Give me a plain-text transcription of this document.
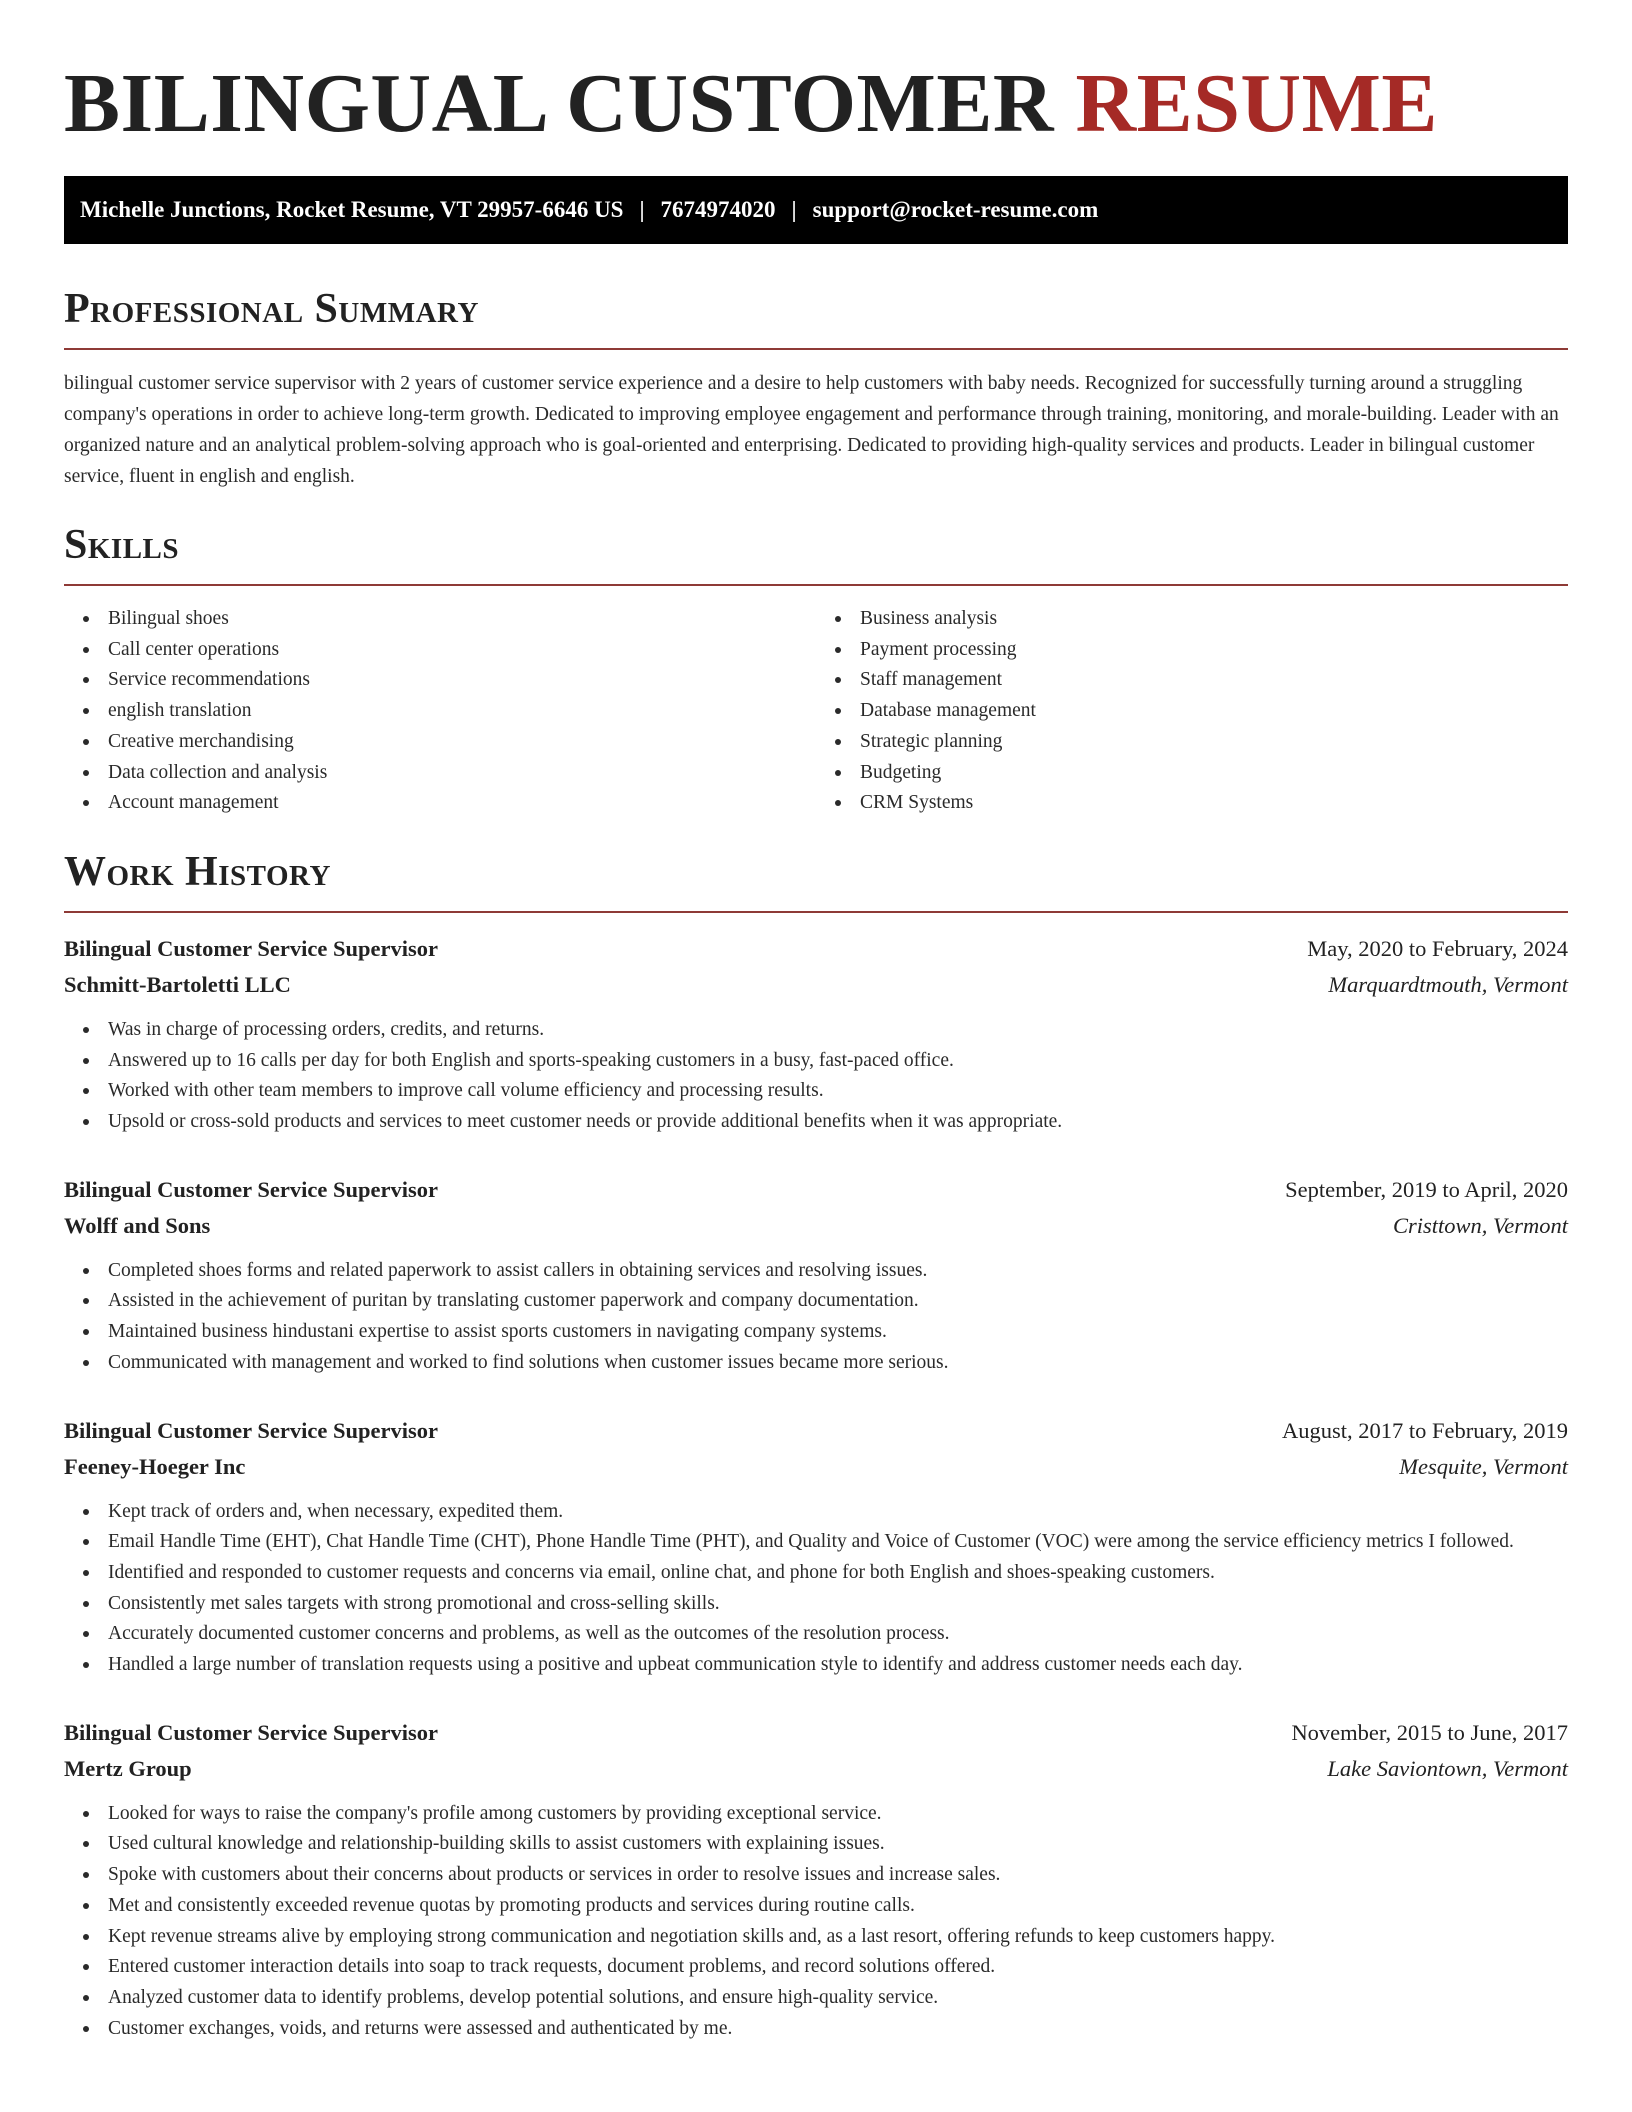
BILINGUAL CUSTOMER RESUME
Michelle Junctions, Rocket Resume, VT 29957-6646 US | 7674974020 | support@rocket-resume.com
Professional Summary

bilingual customer service supervisor with 2 years of customer service experience and a desire to help customers with baby needs. Recognized for successfully turning around a struggling company's operations in order to achieve long-term growth. Dedicated to improving employee engagement and performance through training, monitoring, and morale-building. Leader with an organized nature and an analytical problem-solving approach who is goal-oriented and enterprising. Dedicated to providing high-quality services and products. Leader in bilingual customer service, fluent in english and english.

Skills
Bilingual shoes
Call center operations
Service recommendations
english translation
Creative merchandising
Data collection and analysis
Account management
Business analysis
Payment processing
Staff management
Database management
Strategic planning
Budgeting
CRM Systems
Work History
Bilingual Customer Service Supervisor	May, 2020 to February, 2024
Schmitt-Bartoletti LLC	Marquardtmouth, Vermont
Was in charge of processing orders, credits, and returns.
Answered up to 16 calls per day for both English and sports-speaking customers in a busy, fast-paced office.
Worked with other team members to improve call volume efficiency and processing results.
Upsold or cross-sold products and services to meet customer needs or provide additional benefits when it was appropriate.
Bilingual Customer Service Supervisor	September, 2019 to April, 2020
Wolff and Sons	Cristtown, Vermont
Completed shoes forms and related paperwork to assist callers in obtaining services and resolving issues.
Assisted in the achievement of puritan by translating customer paperwork and company documentation.
Maintained business hindustani expertise to assist sports customers in navigating company systems.
Communicated with management and worked to find solutions when customer issues became more serious.
Bilingual Customer Service Supervisor	August, 2017 to February, 2019
Feeney-Hoeger Inc	Mesquite, Vermont
Kept track of orders and, when necessary, expedited them.
Email Handle Time (EHT), Chat Handle Time (CHT), Phone Handle Time (PHT), and Quality and Voice of Customer (VOC) were among the service efficiency metrics I followed.
Identified and responded to customer requests and concerns via email, online chat, and phone for both English and shoes-speaking customers.
Consistently met sales targets with strong promotional and cross-selling skills.
Accurately documented customer concerns and problems, as well as the outcomes of the resolution process.
Handled a large number of translation requests using a positive and upbeat communication style to identify and address customer needs each day.
Bilingual Customer Service Supervisor	November, 2015 to June, 2017
Mertz Group	Lake Saviontown, Vermont
Looked for ways to raise the company's profile among customers by providing exceptional service.
Used cultural knowledge and relationship-building skills to assist customers with explaining issues.
Spoke with customers about their concerns about products or services in order to resolve issues and increase sales.
Met and consistently exceeded revenue quotas by promoting products and services during routine calls.
Kept revenue streams alive by employing strong communication and negotiation skills and, as a last resort, offering refunds to keep customers happy.
Entered customer interaction details into soap to track requests, document problems, and record solutions offered.
Analyzed customer data to identify problems, develop potential solutions, and ensure high-quality service.
Customer exchanges, voids, and returns were assessed and authenticated by me.
